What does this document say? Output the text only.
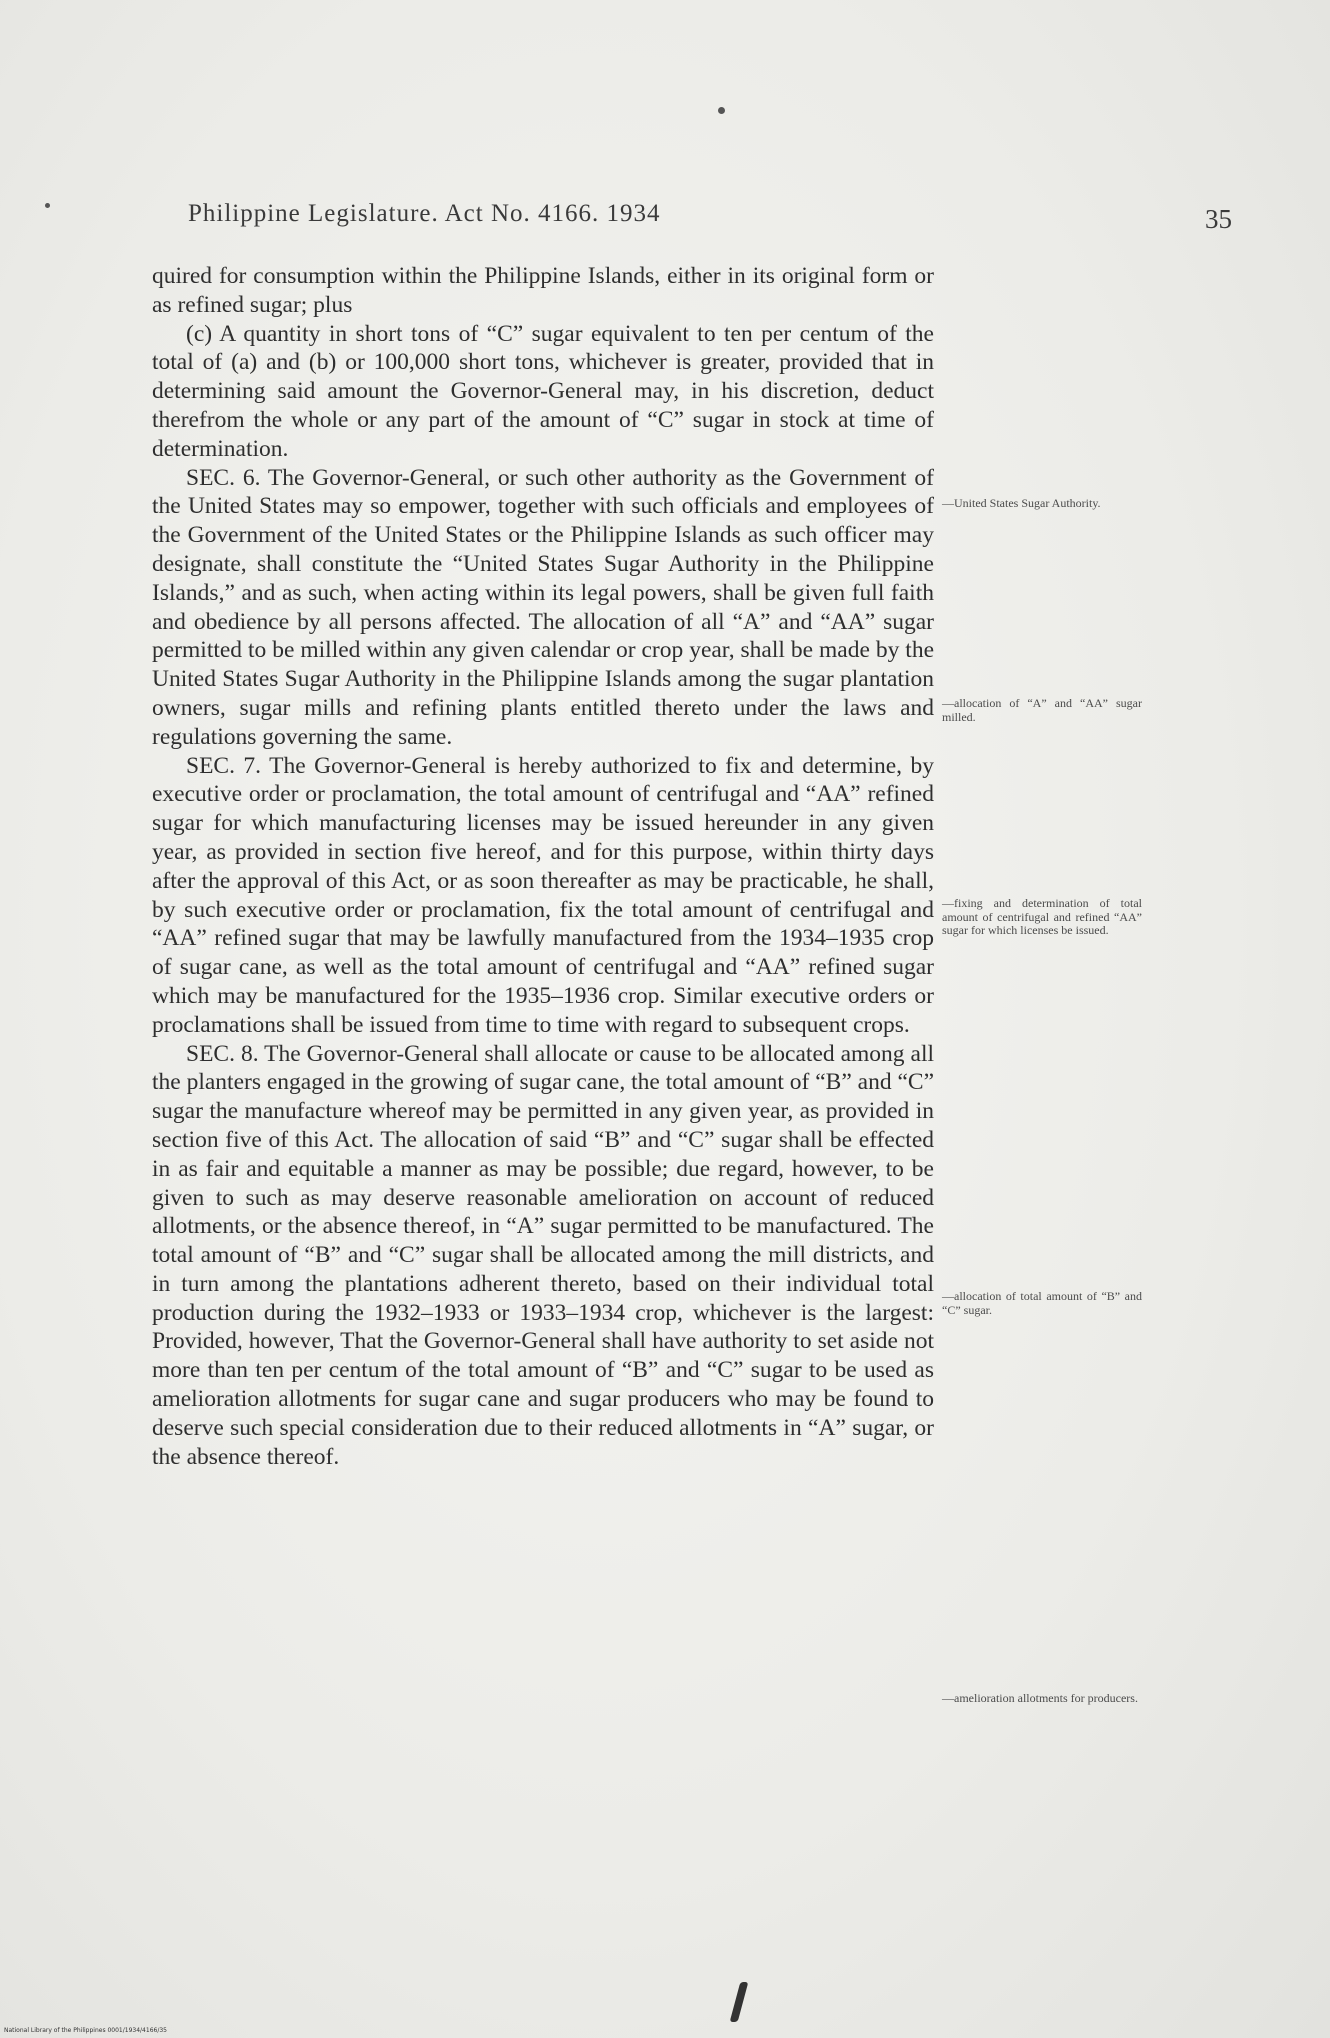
Philippine Legislature. Act No. 4166. 1934	35

quired for consumption within the Philippine Islands, either in its original form or as refined sugar; plus

(c) A quantity in short tons of “C” sugar equivalent to ten per centum of the total of (a) and (b) or 100,000 short tons, whichever is greater, provided that in determining said amount the Governor-General may, in his discretion, deduct therefrom the whole or any part of the amount of “C” sugar in stock at time of determination.

SEC. 6. The Governor-General, or such other authority as the Government of the United States may so empower, together with such officials and employees of the Government of the United States or the Philippine Islands as such officer may designate, shall constitute the “United States Sugar Authority in the Philippine Islands,” and as such, when acting within its legal powers, shall be given full faith and obedience by all persons affected. The allocation of all “A” and “AA” sugar permitted to be milled within any given calendar or crop year, shall be made by the United States Sugar Authority in the Philippine Islands among the sugar plantation owners, sugar mills and refining plants entitled thereto under the laws and regulations governing the same.

SEC. 7. The Governor-General is hereby authorized to fix and determine, by executive order or proclamation, the total amount of centrifugal and “AA” refined sugar for which manufacturing licenses may be issued hereunder in any given year, as provided in section five hereof, and for this purpose, within thirty days after the approval of this Act, or as soon thereafter as may be practicable, he shall, by such executive order or proclamation, fix the total amount of centrifugal and “AA” refined sugar that may be lawfully manufactured from the 1934–1935 crop of sugar cane, as well as the total amount of centrifugal and “AA” refined sugar which may be manufactured for the 1935–1936 crop. Similar executive orders or proclamations shall be issued from time to time with regard to subsequent crops.

SEC. 8. The Governor-General shall allocate or cause to be allocated among all the planters engaged in the growing of sugar cane, the total amount of “B” and “C” sugar the manufacture whereof may be permitted in any given year, as provided in section five of this Act. The allocation of said “B” and “C” sugar shall be effected in as fair and equitable a manner as may be possible; due regard, however, to be given to such as may deserve reasonable amelioration on account of reduced allotments, or the absence thereof, in “A” sugar permitted to be manufactured. The total amount of “B” and “C” sugar shall be allocated among the mill districts, and in turn among the plantations adherent thereto, based on their individual total production during the 1932–1933 or 1933–1934 crop, whichever is the largest: Provided, however, That the Governor-General shall have authority to set aside not more than ten per centum of the total amount of “B” and “C” sugar to be used as amelioration allotments for sugar cane and sugar producers who may be found to deserve such special consideration due to their reduced allotments in “A” sugar, or the absence thereof.

—United States Sugar Authority.
—allocation of “A” and “AA” sugar milled.
—fixing and determination of total amount of centrifugal and refined “AA” sugar for which licenses be issued.
—allocation of total amount of “B” and “C” sugar.
—amelioration allotments for producers.
National Library of the Philippines 0001/1934/4166/35
